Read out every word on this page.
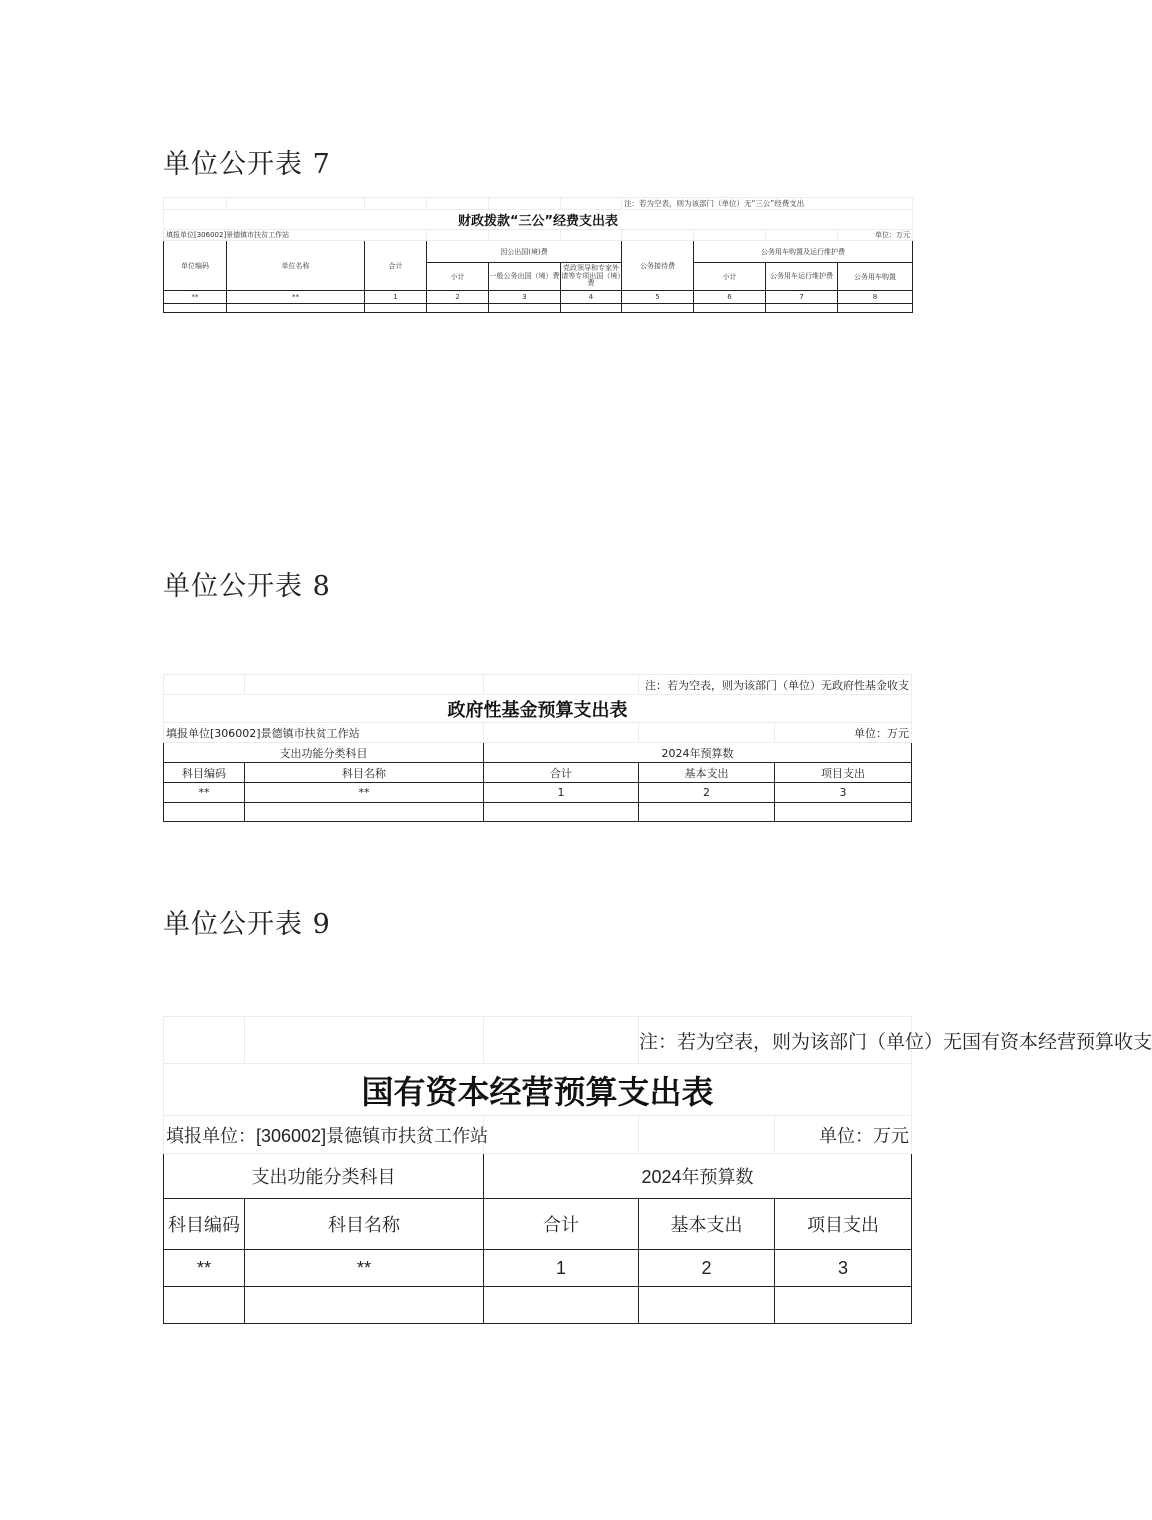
单位公开表 7
						注：若为空表，则为该部门（单位）无“三公”经费支出			
财政拨款“三公”经费支出表									
填报单位[306002]景德镇市扶贫工作站									单位：万元
单位编码	单位名称	合计	因公出国(境)费			公务接待费	公务用车购置及运行维护费		
			小计	一般公务出国（境）费	党政领导和专家外请等专项出国（境）费		小计	公务用车运行维护费	公务用车购置
**	**	1	2	3	4	5	6	7	8

单位公开表 8
			注：若为空表，则为该部门（单位）无政府性基金收支	
政府性基金预算支出表				
填报单位[306002]景德镇市扶贫工作站				单位：万元
支出功能分类科目		2024年预算数		
科目编码	科目名称	合计	基本支出	项目支出
**	**	1	2	3

单位公开表 9
			注：若为空表，则为该部门（单位）无国有资本经营预算收支	
国有资本经营预算支出表				
填报单位：[306002]景德镇市扶贫工作站				单位：万元
支出功能分类科目		2024年预算数		
科目编码	科目名称	合计	基本支出	项目支出
**	**	1	2	3
